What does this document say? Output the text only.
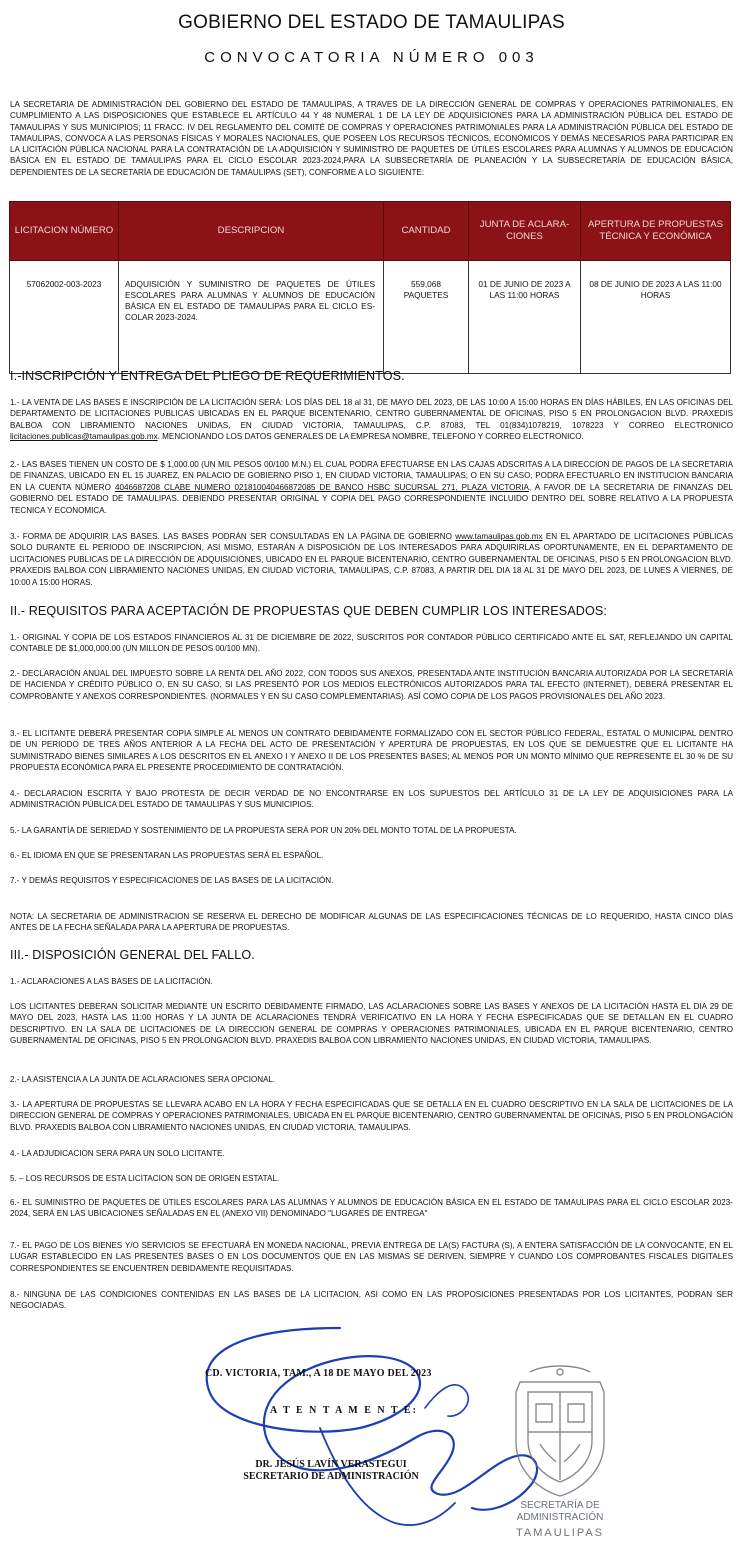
GOBIERNO DEL ESTADO DE TAMAULIPAS
CONVOCATORIA NÚMERO 003
LA SECRETARIA DE ADMINISTRACIÓN DEL GOBIERNO DEL ESTADO DE TAMAULIPAS, A TRAVES DE LA DIRECCIÓN GENERAL DE COMPRAS Y OPERACIONES PATRIMONIALES, EN CUMPLIMIENTO A LAS DISPOSICIONES QUE ESTABLECE EL ARTÍCULO 44 Y 48 NUMERAL 1 DE LA LEY DE ADQUISICIONES PARA LA ADMINISTRACIÓN PÚBLICA DEL ESTADO DE TAMAULIPAS Y SUS MUNICIPIOS; 11 FRACC. IV DEL REGLAMENTO DEL COMITÉ DE COMPRAS Y OPERACIONES PATRIMONIALES PARA LA ADMINISTRACIÓN PÚBLICA DEL ESTADO DE TAMAULIPAS, CONVOCA A LAS PERSONAS FÍSICAS Y MORALES NACIONALES, QUE POSEEN LOS RECURSOS TÉCNICOS, ECONÓMICOS Y DEMÁS NECESARIOS PARA PARTICIPAR EN LA LICITACIÓN PÚBLICA NACIONAL PARA LA CONTRATACIÓN DE LA ADQUISICIÓN Y SUMINISTRO DE PAQUETES DE ÚTILES ESCOLARES PARA ALUMNAS Y ALUMNOS DE EDUCACIÓN BÁSICA EN EL ESTADO DE TAMAULIPAS PARA EL CICLO ESCOLAR 2023-2024,PARA LA SUBSECRETARÍA DE PLANEACIÓN Y LA SUBSECRETARÍA DE EDUCACIÓN BÁSICA, DEPENDIENTES DE LA SECRETARÍA DE EDUCACIÓN DE TAMAULIPAS (SET), CONFORME A LO SIGUIENTE:
LICITACION NÚMERO	DESCRIPCION	CANTIDAD	JUNTA DE ACLARA-CIONES	APERTURA DE PROPUESTAS TÉCNICA Y ECONÓMICA
57062002-003-2023	ADQUISICIÓN Y SUMINISTRO DE PAQUETES DE ÚTILES ESCOLARES PARA ALUMNAS Y ALUMNOS DE EDUCACIÓN BÁSICA EN EL ESTADO DE TAMAULIPAS PARA EL CICLO ES-COLAR 2023-2024.	559,068 PAQUETES	01 DE JUNIO DE 2023 A LAS 11:00 HORAS	08 DE JUNIO DE 2023 A LAS 11:00 HORAS
I.-INSCRIPCIÓN Y ENTREGA DEL PLIEGO DE REQUERIMIENTOS.
1.- LA VENTA DE LAS BASES E INSCRIPCIÓN DE LA LICITACIÓN SERÁ: LOS DÍAS DEL 18 al 31, DE MAYO DEL 2023, DE LAS 10:00 A 15:00 HORAS EN DÍAS HÁBILES, EN LAS OFICINAS DEL DEPARTAMENTO DE LICITACIONES PUBLICAS UBICADAS EN EL PARQUE BICENTENARIO, CENTRO GUBERNAMENTAL DE OFICINAS, PISO 5 EN PROLONGACION BLVD. PRAXEDIS BALBOA CON LIBRAMIENTO NACIONES UNIDAS, EN CIUDAD VICTORIA, TAMAULIPAS, C.P. 87083, TEL 01(834)1078219, 1078223 Y CORREO ELECTRONICO licitaciones.publicas@tamaulipas.gob.mx. MENCIONANDO LOS DATOS GENERALES DE LA EMPRESA NOMBRE, TELEFONO Y CORREO ELECTRONICO.
2.- LAS BASES TIENEN UN COSTO DE $ 1,000.00 (UN MIL PESOS 00/100 M.N.) EL CUAL PODRA EFECTUARSE EN LAS CAJAS ADSCRITAS A LA DIRECCION DE PAGOS DE LA SECRETARIA DE FINANZAS, UBICADO EN EL 15 JUAREZ, EN PALACIO DE GOBIERNO PISO 1, EN CIUDAD VICTORIA, TAMAULIPAS; O EN SU CASO, PODRA EFECTUARLO EN INSTITUCION BANCARIA EN LA CUENTA NÚMERO 4046687208 CLABE NUMERO 021810040466872085 DE BANCO HSBC SUCURSAL 271, PLAZA VICTORIA, A FAVOR DE LA SECRETARIA DE FINANZAS DEL GOBIERNO DEL ESTADO DE TAMAULIPAS. DEBIENDO PRESENTAR ORIGINAL Y COPIA DEL PAGO CORRESPONDIENTE INCLUIDO DENTRO DEL SOBRE RELATIVO A LA PROPUESTA TECNICA Y ECONOMICA.
3.- FORMA DE ADQUIRIR LAS BASES. LAS BASES PODRÁN SER CONSULTADAS EN LA PÁGINA DE GOBIERNO www.tamaulipas.gob.mx EN EL APARTADO DE LICITACIONES PÚBLICAS SOLO DURANTE EL PERIODO DE INSCRIPCION, ASI MISMO, ESTARÁN A DISPOSICIÓN DE LOS INTERESADOS PARA ADQUIRIRLAS OPORTUNAMENTE, EN EL DEPARTAMENTO DE LICITACIONES PUBLICAS DE LA DIRECCIÓN DE ADQUISICIONES, UBICADO EN EL PARQUE BICENTENARIO, CENTRO GUBERNAMENTAL DE OFICINAS, PISO 5 EN PROLONGACION BLVD. PRAXEDIS BALBOA CON LIBRAMIENTO NACIONES UNIDAS, EN CIUDAD VICTORIA, TAMAULIPAS, C.P. 87083, A PARTIR DEL DIA 18 AL 31 DE MAYO DEL 2023, DE LUNES A VIERNES, DE 10:00 A 15:00 HORAS.
II.- REQUISITOS PARA ACEPTACIÓN DE PROPUESTAS QUE DEBEN CUMPLIR LOS INTERESADOS:
1.- ORIGINAL Y COPIA DE LOS ESTADOS FINANCIEROS AL 31 DE DICIEMBRE DE 2022, SUSCRITOS POR CONTADOR PÚBLICO CERTIFICADO ANTE EL SAT, REFLEJANDO UN CAPITAL CONTABLE DE $1,000,000.00 (UN MILLON DE PESOS 00/100 MN).
2.- DECLARACIÓN ANUAL DEL IMPUESTO SOBRE LA RENTA DEL AÑO 2022, CON TODOS SUS ANEXOS, PRESENTADA ANTE INSTITUCIÓN BANCARIA AUTORIZADA POR LA SECRETARÍA DE HACIENDA Y CRÉDITO PÚBLICO O, EN SU CASO, SI LAS PRESENTÓ POR LOS MEDIOS ELECTRÓNICOS AUTORIZADOS PARA TAL EFECTO (INTERNET), DEBERÁ PRESENTAR EL COMPROBANTE Y ANEXOS CORRESPONDIENTES. (NORMALES Y EN SU CASO COMPLEMENTARIAS). ASÍ COMO COPIA DE LOS PAGOS PROVISIONALES DEL AÑO 2023.
3.- EL LICITANTE DEBERÁ PRESENTAR COPIA SIMPLE AL MENOS UN CONTRATO DEBIDAMENTE FORMALIZADO CON EL SECTOR PÚBLICO FEDERAL, ESTATAL O MUNICIPAL DENTRO DE UN PERIODO DE TRES AÑOS ANTERIOR A LA FECHA DEL ACTO DE PRESENTACIÓN Y APERTURA DE PROPUESTAS, EN LOS QUE SE DEMUESTRE QUE EL LICITANTE HA SUMINISTRADO BIENES SIMILARES A LOS DESCRITOS EN EL ANEXO I Y ANEXO II DE LOS PRESENTES BASES; AL MENOS POR UN MONTO MÍNIMO QUE REPRESENTE EL 30 % DE SU PROPUESTA ECONÓMICA PARA EL PRESENTE PROCEDIMIENTO DE CONTRATACIÓN.
4.- DECLARACION ESCRITA Y BAJO PROTESTA DE DECIR VERDAD DE NO ENCONTRARSE EN LOS SUPUESTOS DEL ARTÍCULO 31 DE LA LEY DE ADQUISICIONES PARA LA ADMINISTRACIÓN PÚBLICA DEL ESTADO DE TAMAULIPAS Y SUS MUNICIPIOS.
5.- LA GARANTÍA DE SERIEDAD Y SOSTENIMIENTO DE LA PROPUESTA SERÁ POR UN 20% DEL MONTO TOTAL DE LA PROPUESTA.
6.- EL IDIOMA EN QUE SE PRESENTARAN LAS PROPUESTAS SERÁ EL ESPAÑOL.
7.- Y DEMÁS REQUISITOS Y ESPECIFICACIONES DE LAS BASES DE LA LICITACIÓN.
NOTA: LA SECRETARIA DE ADMINISTRACION SE RESERVA EL DERECHO DE MODIFICAR ALGUNAS DE LAS ESPECIFICACIONES TÉCNICAS DE LO REQUERIDO, HASTA CINCO DÍAS ANTES DE LA FECHA SEÑALADA PARA LA APERTURA DE PROPUESTAS.
III.- DISPOSICIÓN GENERAL DEL FALLO.
1.- ACLARACIONES A LAS BASES DE LA LICITACIÓN.
LOS LICITANTES DEBERAN SOLICITAR MEDIANTE UN ESCRITO DEBIDAMENTE FIRMADO, LAS ACLARACIONES SOBRE LAS BASES Y ANEXOS DE LA LICITACIÓN HASTA EL DIA 29 DE MAYO DEL 2023, HASTA LAS 11:00 HORAS Y LA JUNTA DE ACLARACIONES TENDRÁ VERIFICATIVO EN LA HORA Y FECHA ESPECIFICADAS QUE SE DETALLAN EN EL CUADRO DESCRIPTIVO. EN LA SALA DE LICITACIONES DE LA DIRECCION GENERAL DE COMPRAS Y OPERACIONES PATRIMONIALES, UBICADA EN EL PARQUE BICENTENARIO, CENTRO GUBERNAMENTAL DE OFICINAS, PISO 5 EN PROLONGACION BLVD. PRAXEDIS BALBOA CON LIBRAMIENTO NACIONES UNIDAS, EN CIUDAD VICTORIA, TAMAULIPAS.
2.- LA ASISTENCIA A LA JUNTA DE ACLARACIONES SERA OPCIONAL.
3.- LA APERTURA DE PROPUESTAS SE LLEVARA ACABO EN LA HORA Y FECHA ESPECIFICADAS QUE SE DETALLA EN EL CUADRO DESCRIPTIVO EN LA SALA DE LICITACIONES DE LA DIRECCION GENERAL DE COMPRAS Y OPERACIONES PATRIMONIALES, UBICADA EN EL PARQUE BICENTENARIO, CENTRO GUBERNAMENTAL DE OFICINAS, PISO 5 EN PROLONGACIÓN BLVD. PRAXEDIS BALBOA CON LIBRAMIENTO NACIONES UNIDAS, EN CIUDAD VICTORIA, TAMAULIPAS.
4.- LA ADJUDICACION SERA PARA UN SOLO LICITANTE.
5. – LOS RECURSOS DE ESTA LICITACION SON DE ORIGEN ESTATAL.
6.- EL SUMINISTRO DE PAQUETES DE ÚTILES ESCOLARES PARA LAS ALUMNAS Y ALUMNOS DE EDUCACIÓN BÁSICA EN EL ESTADO DE TAMAULIPAS PARA EL CICLO ESCOLAR 2023-2024, SERÁ EN LAS UBICACIONES SEÑALADAS EN EL (ANEXO VII) DENOMINADO "LUGARES DE ENTREGA"
7.- EL PAGO DE LOS BIENES Y/O SERVICIOS SE EFECTUARÁ EN MONEDA NACIONAL, PREVIA ENTREGA DE LA(S) FACTURA (S), A ENTERA SATISFACCIÓN DE LA CONVOCANTE, EN EL LUGAR ESTABLECIDO EN LAS PRESENTES BASES O EN LOS DOCUMENTOS QUE EN LAS MISMAS SE DERIVEN, SIEMPRE Y CUANDO LOS COMPROBANTES FISCALES DIGITALES CORRESPONDIENTES SE ENCUENTREN DEBIDAMENTE REQUISITADAS.
8.- NINGUNA DE LAS CONDICIONES CONTENIDAS EN LAS BASES DE LA LICITACION, ASI COMO EN LAS PROPOSICIONES PRESENTADAS POR LOS LICITANTES, PODRAN SER NEGOCIADAS.
CD. VICTORIA, TAM., A 18 DE MAYO DEL 2023
A T E N T A M E N T E:
DR. JESÚS LAVÍN VERASTEGUI
SECRETARIO DE ADMINISTRACIÓN
SECRETARÍA DE
ADMINISTRACIÓN
TAMAULIPAS
